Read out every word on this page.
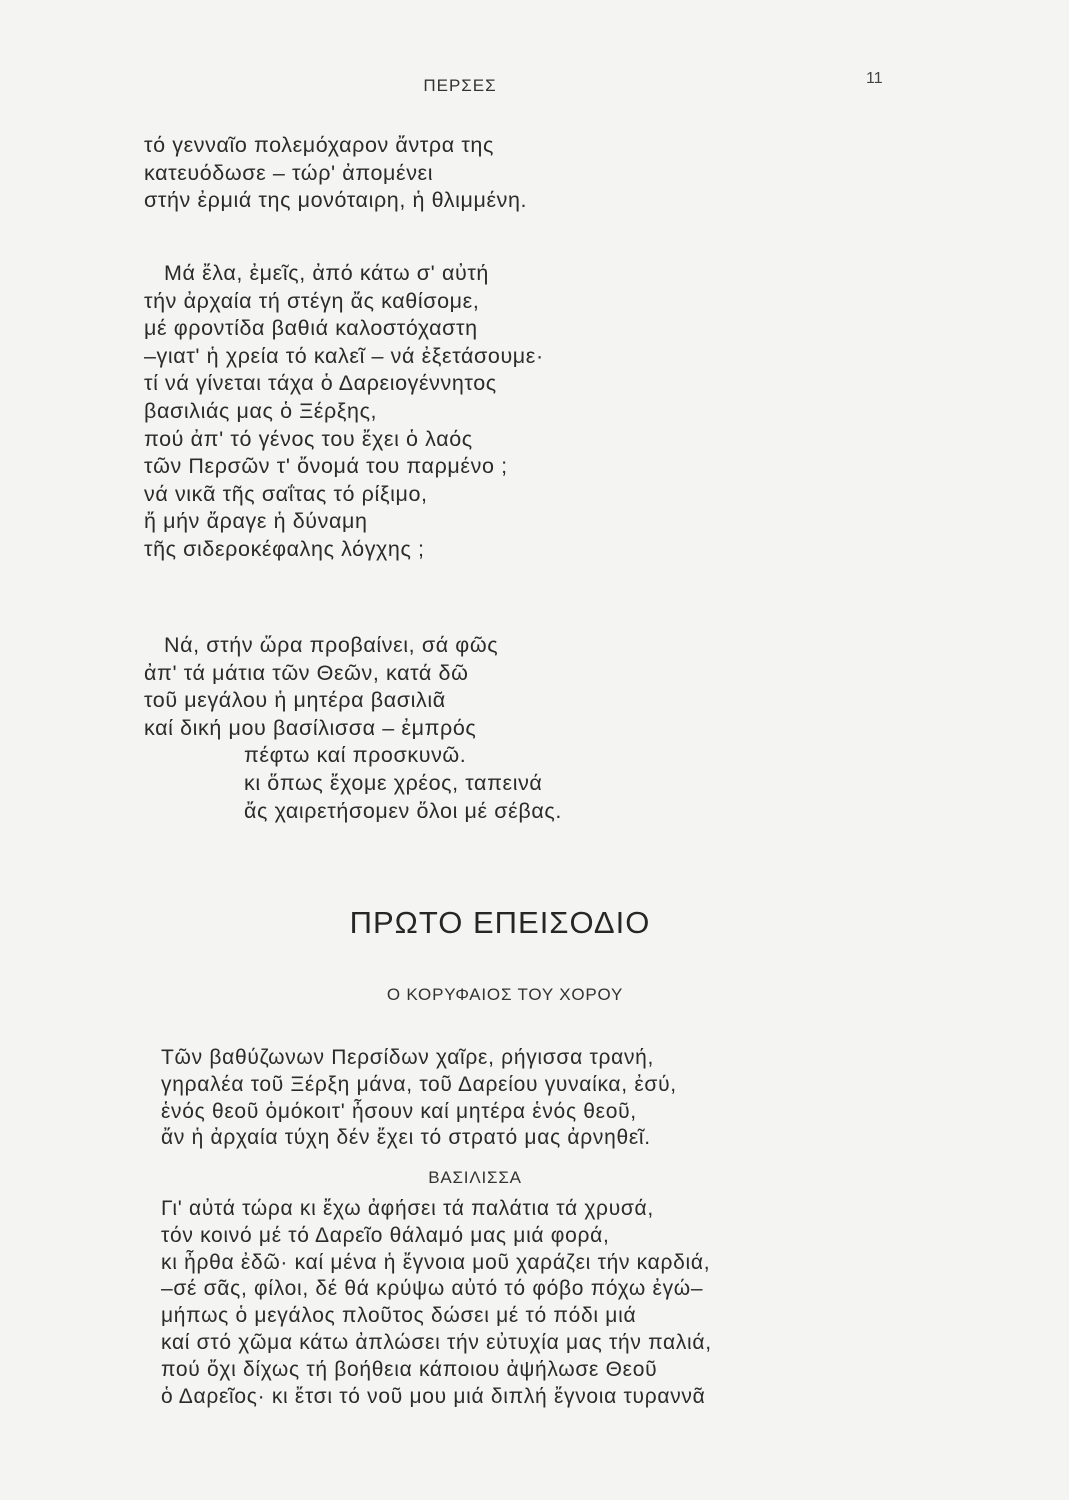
ΠΕΡΣΕΣ	11
τό γενναῖο πολεμόχαρον ἄντρα της
κατευόδωσε – τώρ' ἀπομένει
στήν ἐρμιά της μονόταιρη, ἡ θλιμμένη.
Μά ἔλα, ἐμεῖς, ἀπό κάτω σ' αὐτή
τήν ἀρχαία τή στέγη ἄς καθίσομε,
μέ φροντίδα βαθιά καλοστόχαστη
–γιατ' ἡ χρεία τό καλεῖ – νά ἐξετάσουμε·
τί νά γίνεται τάχα ὁ Δαρειογέννητος
βασιλιάς μας ὁ Ξέρξης,
πού ἀπ' τό γένος του ἔχει ὁ λαός
τῶν Περσῶν τ' ὄνομά του παρμένο ;
νά νικᾶ τῆς σαΐτας τό ρίξιμο,
ἤ μήν ἄραγε ἡ δύναμη
τῆς σιδεροκέφαλης λόγχης ;
Νά, στήν ὥρα προβαίνει, σά φῶς
ἀπ' τά μάτια τῶν Θεῶν, κατά δῶ
τοῦ μεγάλου ἡ μητέρα βασιλιᾶ
καί δική μου βασίλισσα – ἐμπρός
πέφτω καί προσκυνῶ.
κι ὅπως ἔχομε χρέος, ταπεινά
ἄς χαιρετήσομεν ὅλοι μέ σέβας.
ΠΡΩΤΟ ΕΠΕΙΣΟΔΙΟ
Ο ΚΟΡΥΦΑΙΟΣ ΤΟΥ ΧΟΡΟΥ
Τῶν βαθύζωνων Περσίδων χαῖρε, ρήγισσα τρανή,
γηραλέα τοῦ Ξέρξη μάνα, τοῦ Δαρείου γυναίκα, ἐσύ,
ἑνός θεοῦ ὁμόκοιτ' ἦσουν καί μητέρα ἑνός θεοῦ,
ἄν ἡ ἀρχαία τύχη δέν ἔχει τό στρατό μας ἀρνηθεῖ.
ΒΑΣΙΛΙΣΣΑ
Γι' αὐτά τώρα κι ἔχω ἀφήσει τά παλάτια τά χρυσά,
τόν κοινό μέ τό Δαρεῖο θάλαμό μας μιά φορά,
κι ἦρθα ἐδῶ· καί μένα ἡ ἔγνοια μοῦ χαράζει τήν καρδιά,
–σέ σᾶς, φίλοι, δέ θά κρύψω αὐτό τό φόβο πόχω ἐγώ–
μήπως ὁ μεγάλος πλοῦτος δώσει μέ τό πόδι μιά
καί στό χῶμα κάτω ἀπλώσει τήν εὐτυχία μας τήν παλιά,
πού ὄχι δίχως τή βοήθεια κάποιου ἀψήλωσε Θεοῦ
ὁ Δαρεῖος· κι ἔτσι τό νοῦ μου μιά διπλή ἔγνοια τυραννᾶ
